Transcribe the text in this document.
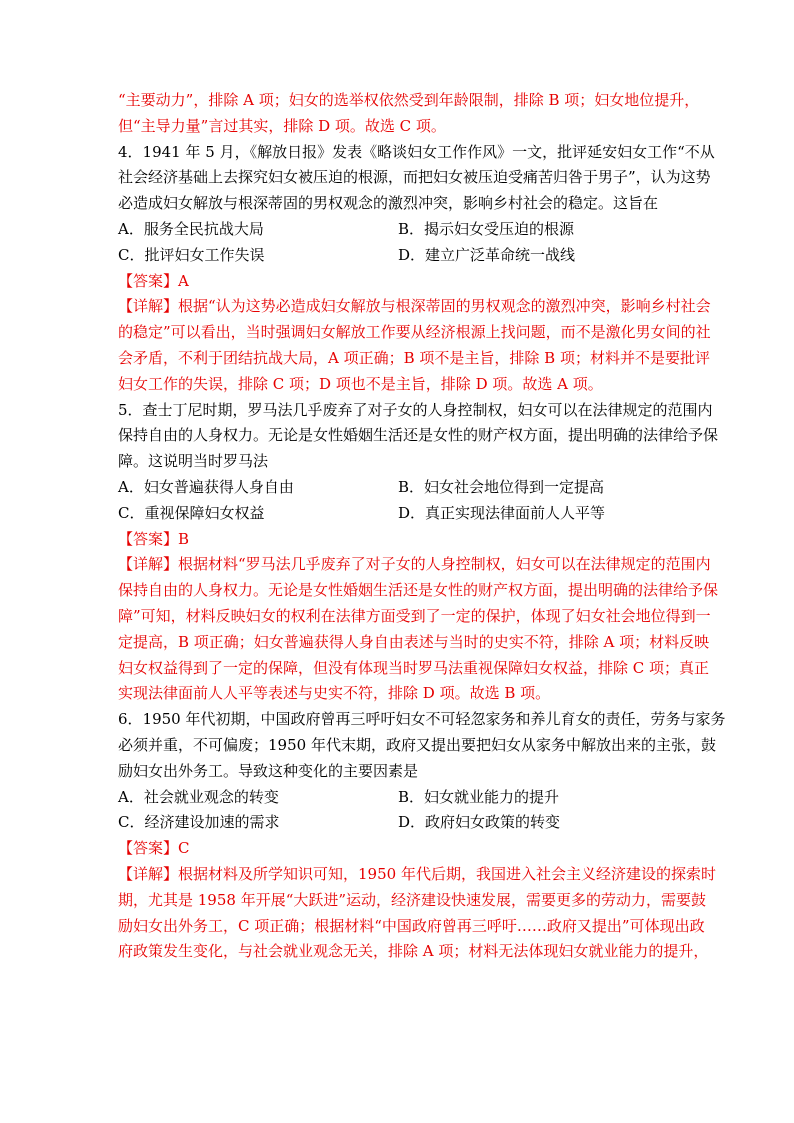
“主要动力”，排除 A 项；妇女的选举权依然受到年龄限制，排除 B 项；妇女地位提升，
但“主导力量”言过其实，排除 D 项。故选 C 项。
4．1941 年 5 月，《解放日报》发表《略谈妇女工作作风》一文，批评延安妇女工作“不从
社会经济基础上去探究妇女被压迫的根源，而把妇女被压迫受痛苦归咎于男子”，认为这势
必造成妇女解放与根深蒂固的男权观念的激烈冲突，影响乡村社会的稳定。这旨在
A．服务全民抗战大局	B．揭示妇女受压迫的根源
C．批评妇女工作失误	D．建立广泛革命统一战线
【答案】A
【详解】根据“认为这势必造成妇女解放与根深蒂固的男权观念的激烈冲突，影响乡村社会
的稳定”可以看出，当时强调妇女解放工作要从经济根源上找问题，而不是激化男女间的社
会矛盾，不利于团结抗战大局，A 项正确；B 项不是主旨，排除 B 项；材料并不是要批评
妇女工作的失误，排除 C 项；D 项也不是主旨，排除 D 项。故选 A 项。
5．查士丁尼时期，罗马法几乎废弃了对子女的人身控制权，妇女可以在法律规定的范围内
保持自由的人身权力。无论是女性婚姻生活还是女性的财产权方面，提出明确的法律给予保
障。这说明当时罗马法
A．妇女普遍获得人身自由	B．妇女社会地位得到一定提高
C．重视保障妇女权益	D．真正实现法律面前人人平等
【答案】B
【详解】根据材料“罗马法几乎废弃了对子女的人身控制权，妇女可以在法律规定的范围内
保持自由的人身权力。无论是女性婚姻生活还是女性的财产权方面，提出明确的法律给予保
障”可知，材料反映妇女的权利在法律方面受到了一定的保护，体现了妇女社会地位得到一
定提高，B 项正确；妇女普遍获得人身自由表述与当时的史实不符，排除 A 项；材料反映
妇女权益得到了一定的保障，但没有体现当时罗马法重视保障妇女权益，排除 C 项；真正
实现法律面前人人平等表述与史实不符，排除 D 项。故选 B 项。
6．1950 年代初期，中国政府曾再三呼吁妇女不可轻忽家务和养儿育女的责任，劳务与家务
必须并重，不可偏废；1950 年代末期，政府又提出要把妇女从家务中解放出来的主张，鼓
励妇女出外务工。导致这种变化的主要因素是
A．社会就业观念的转变	B．妇女就业能力的提升
C．经济建设加速的需求	D．政府妇女政策的转变
【答案】C
【详解】根据材料及所学知识可知，1950 年代后期，我国进入社会主义经济建设的探索时
期，尤其是 1958 年开展“大跃进”运动，经济建设快速发展，需要更多的劳动力，需要鼓
励妇女出外务工，C 项正确；根据材料“中国政府曾再三呼吁……政府又提出”可体现出政
府政策发生变化，与社会就业观念无关，排除 A 项；材料无法体现妇女就业能力的提升，
